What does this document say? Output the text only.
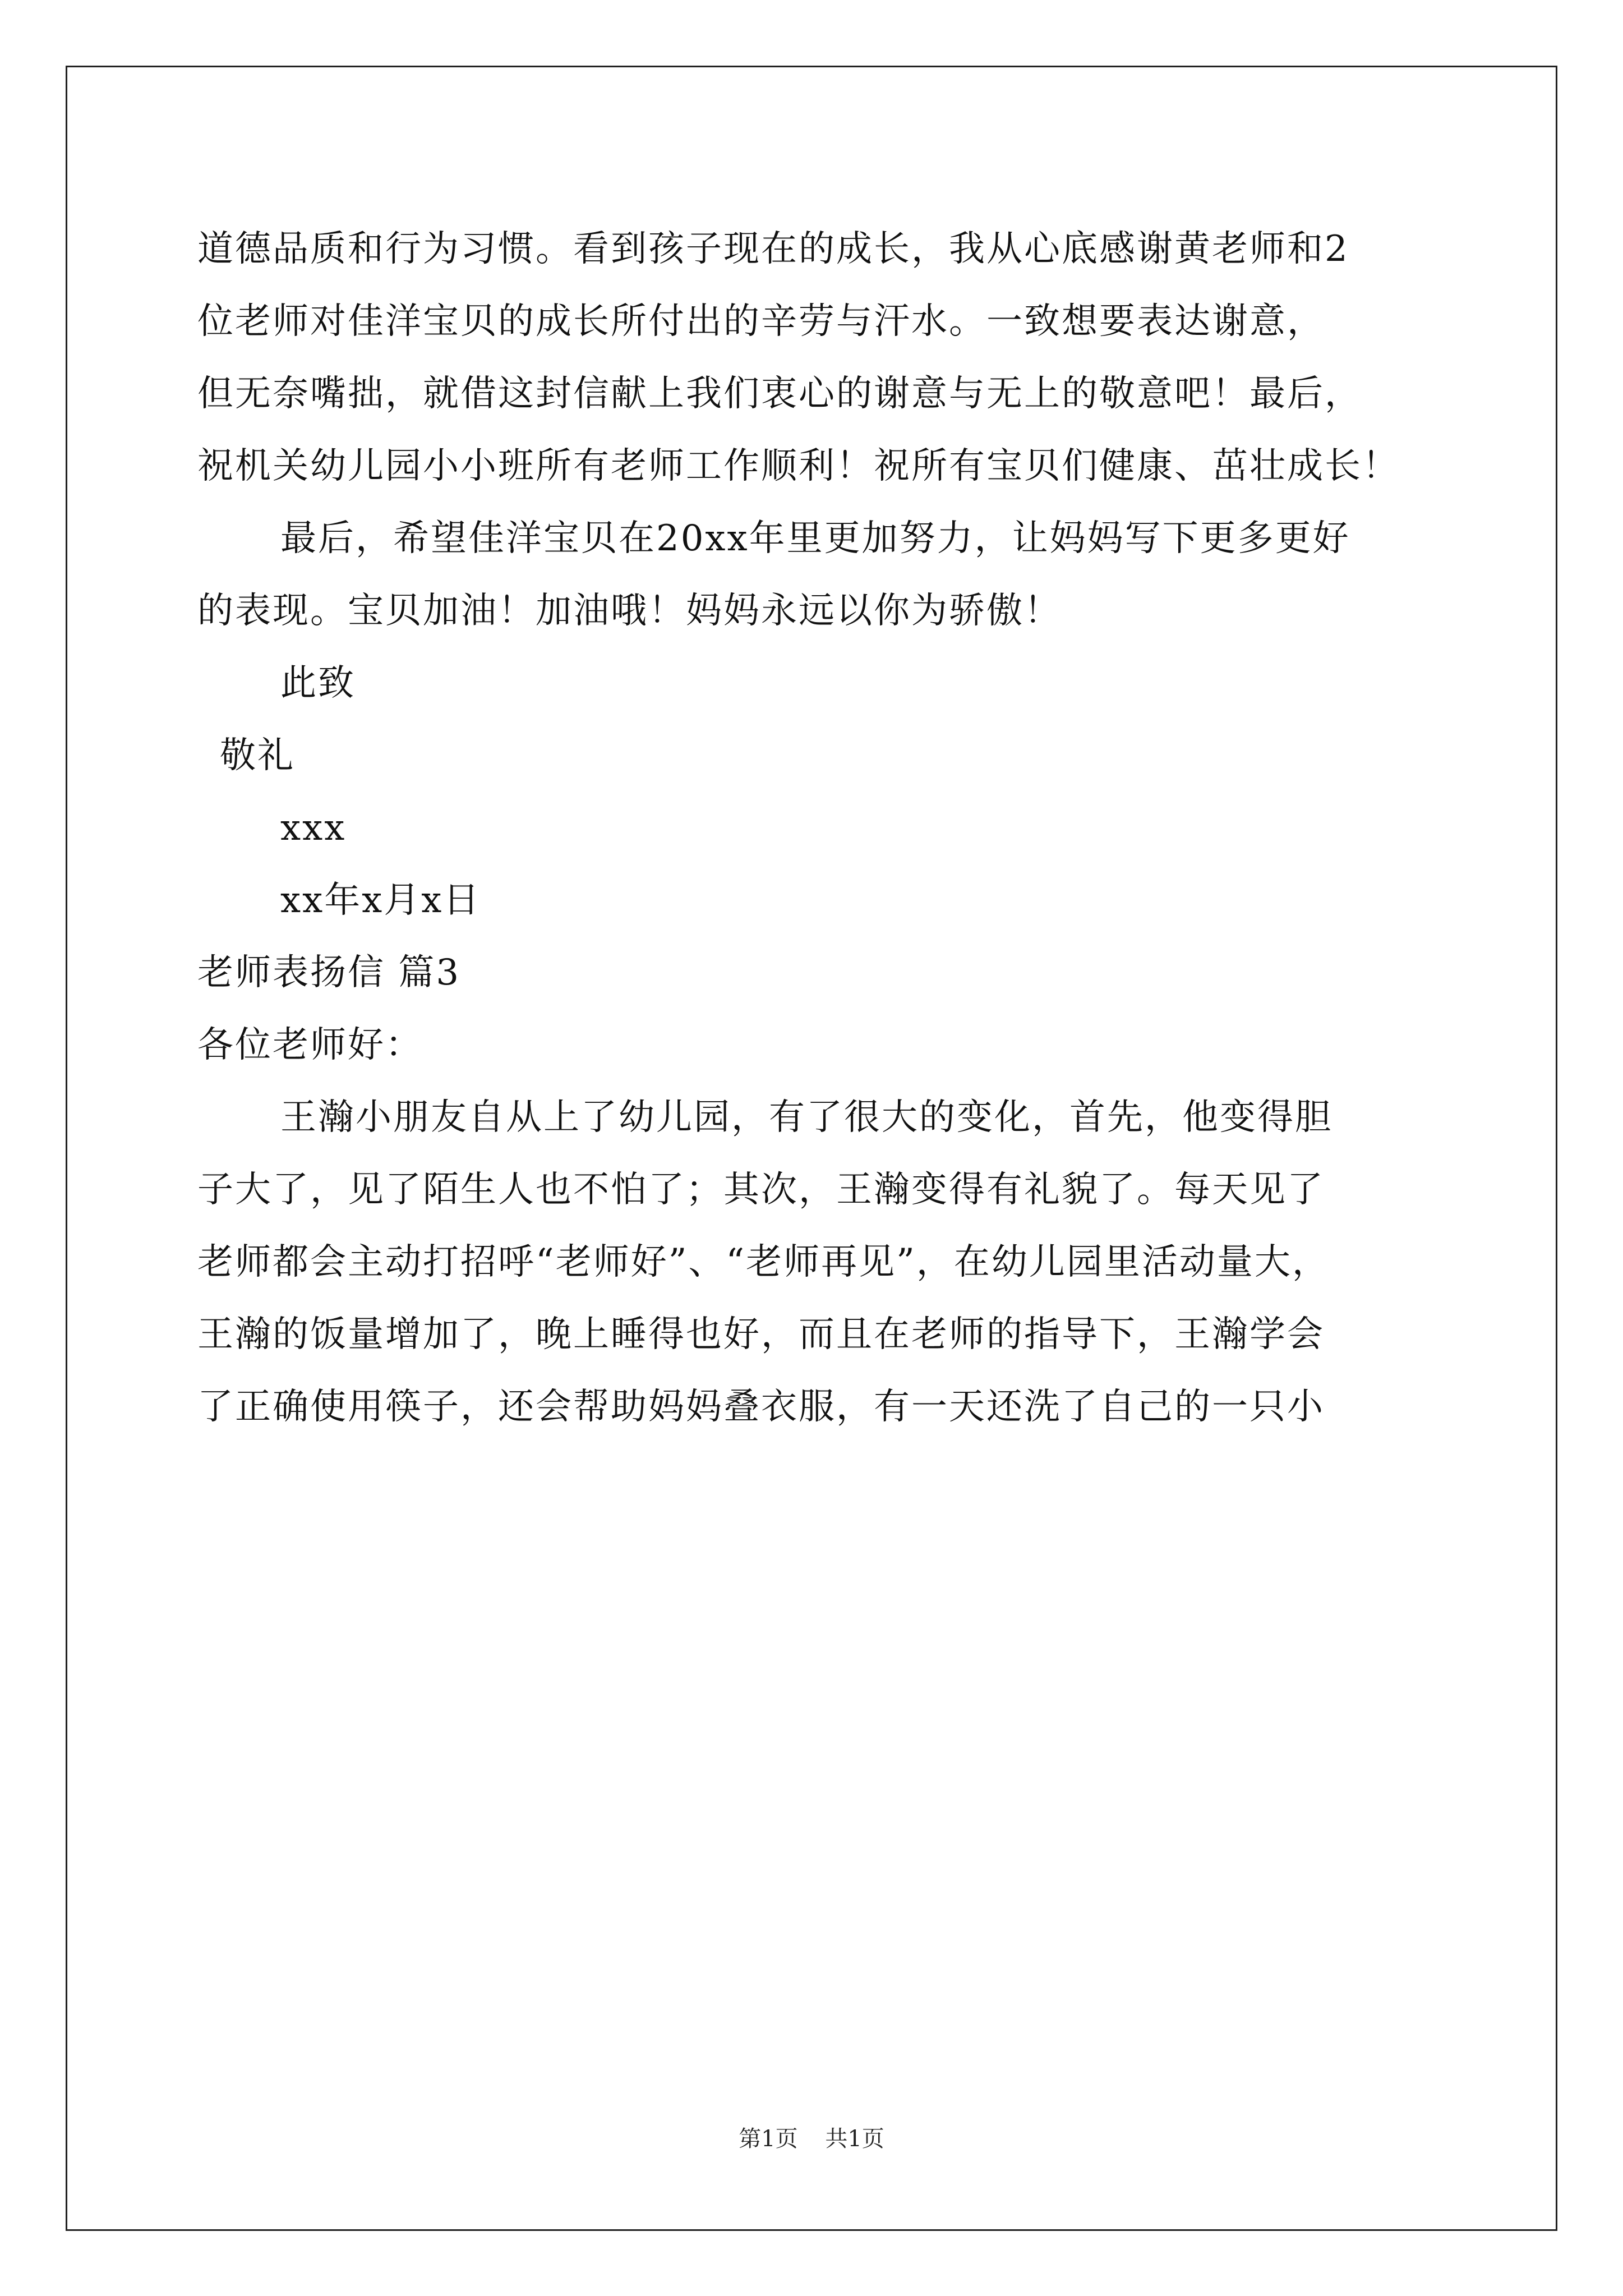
道德品质和行为习惯。看到孩子现在的成长，我从心底感谢黄老师和2
位老师对佳洋宝贝的成长所付出的辛劳与汗水。一致想要表达谢意，
但无奈嘴拙，就借这封信献上我们衷心的谢意与无上的敬意吧！最后，
祝机关幼儿园小小班所有老师工作顺利！祝所有宝贝们健康、茁壮成长！
最后，希望佳洋宝贝在20xx年里更加努力，让妈妈写下更多更好
的表现。宝贝加油！加油哦！妈妈永远以你为骄傲！
此致
敬礼
xxx
xx年x月x日
老师表扬信 篇3
各位老师好：
王瀚小朋友自从上了幼儿园，有了很大的变化，首先，他变得胆
子大了，见了陌生人也不怕了；其次，王瀚变得有礼貌了。每天见了
老师都会主动打招呼“老师好”、“老师再见”，在幼儿园里活动量大，
王瀚的饭量增加了，晚上睡得也好，而且在老师的指导下，王瀚学会
了正确使用筷子，还会帮助妈妈叠衣服，有一天还洗了自己的一只小
第1页 共1页
